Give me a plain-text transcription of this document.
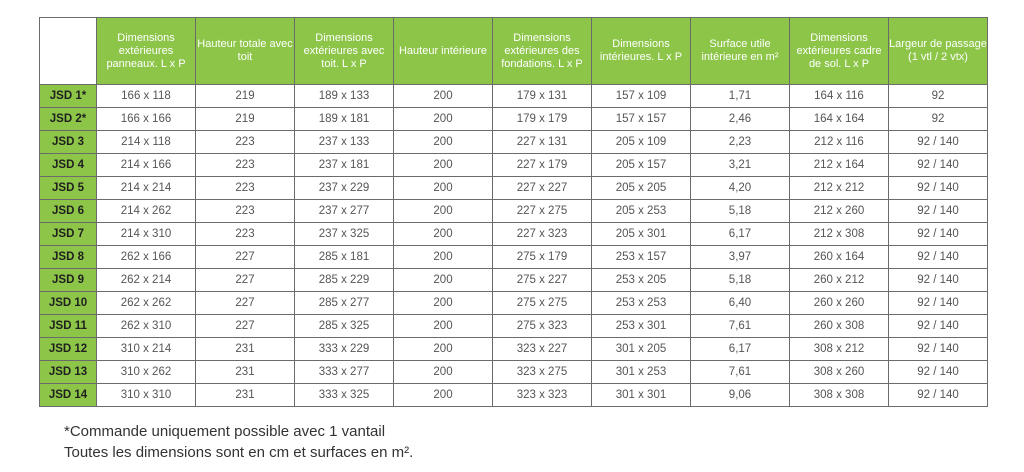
	Dimensions extérieures panneaux. L x P	Hauteur totale avec toit	Dimensions extérieures avec toit. L x P	Hauteur intérieure	Dimensions extérieures des fondations. L x P	Dimensions intérieures. L x P	Surface utile intérieure en m²	Dimensions extérieures cadre de sol. L x P	Largeur de passage (1 vtl / 2 vtx)
JSD 1*	166 x 118	219	189 x 133	200	179 x 131	157 x 109	1,71	164 x 116	92
JSD 2*	166 x 166	219	189 x 181	200	179 x 179	157 x 157	2,46	164 x 164	92
JSD 3	214 x 118	223	237 x 133	200	227 x 131	205 x 109	2,23	212 x 116	92 / 140
JSD 4	214 x 166	223	237 x 181	200	227 x 179	205 x 157	3,21	212 x 164	92 / 140
JSD 5	214 x 214	223	237 x 229	200	227 x 227	205 x 205	4,20	212 x 212	92 / 140
JSD 6	214 x 262	223	237 x 277	200	227 x 275	205 x 253	5,18	212 x 260	92 / 140
JSD 7	214 x 310	223	237 x 325	200	227 x 323	205 x 301	6,17	212 x 308	92 / 140
JSD 8	262 x 166	227	285 x 181	200	275 x 179	253 x 157	3,97	260 x 164	92 / 140
JSD 9	262 x 214	227	285 x 229	200	275 x 227	253 x 205	5,18	260 x 212	92 / 140
JSD 10	262 x 262	227	285 x 277	200	275 x 275	253 x 253	6,40	260 x 260	92 / 140
JSD 11	262 x 310	227	285 x 325	200	275 x 323	253 x 301	7,61	260 x 308	92 / 140
JSD 12	310 x 214	231	333 x 229	200	323 x 227	301 x 205	6,17	308 x 212	92 / 140
JSD 13	310 x 262	231	333 x 277	200	323 x 275	301 x 253	7,61	308 x 260	92 / 140
JSD 14	310 x 310	231	333 x 325	200	323 x 323	301 x 301	9,06	308 x 308	92 / 140
*Commande uniquement possible avec 1 vantail
Toutes les dimensions sont en cm et surfaces en m².
